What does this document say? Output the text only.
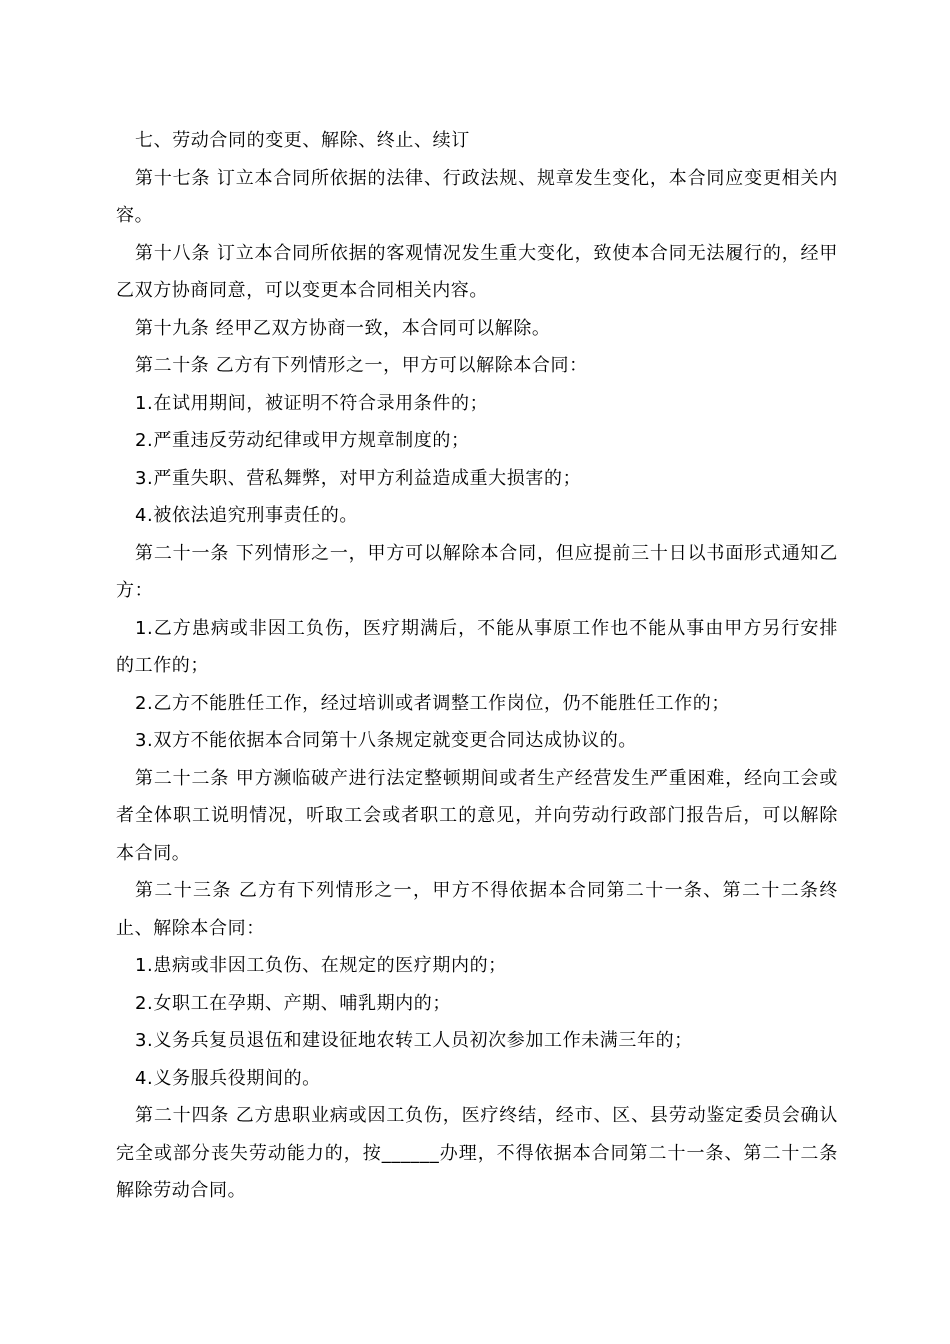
七、劳动合同的变更、解除、终止、续订

第十七条 订立本合同所依据的法律、行政法规、规章发生变化，本合同应变更相关内容。

第十八条 订立本合同所依据的客观情况发生重大变化，致使本合同无法履行的，经甲乙双方协商同意，可以变更本合同相关内容。

第十九条 经甲乙双方协商一致，本合同可以解除。

第二十条 乙方有下列情形之一，甲方可以解除本合同：

1.在试用期间，被证明不符合录用条件的；

2.严重违反劳动纪律或甲方规章制度的；

3.严重失职、营私舞弊，对甲方利益造成重大损害的；

4.被依法追究刑事责任的。

第二十一条 下列情形之一，甲方可以解除本合同，但应提前三十日以书面形式通知乙方：

1.乙方患病或非因工负伤，医疗期满后，不能从事原工作也不能从事由甲方另行安排的工作的；

2.乙方不能胜任工作，经过培训或者调整工作岗位，仍不能胜任工作的；

3.双方不能依据本合同第十八条规定就变更合同达成协议的。

第二十二条 甲方濒临破产进行法定整顿期间或者生产经营发生严重困难，经向工会或者全体职工说明情况，听取工会或者职工的意见，并向劳动行政部门报告后，可以解除本合同。

第二十三条 乙方有下列情形之一，甲方不得依据本合同第二十一条、第二十二条终止、解除本合同：

1.患病或非因工负伤、在规定的医疗期内的；

2.女职工在孕期、产期、哺乳期内的；

3.义务兵复员退伍和建设征地农转工人员初次参加工作未满三年的；

4.义务服兵役期间的。

第二十四条 乙方患职业病或因工负伤，医疗终结，经市、区、县劳动鉴定委员会确认完全或部分丧失劳动能力的，按______办理，不得依据本合同第二十一条、第二十二条解除劳动合同。
